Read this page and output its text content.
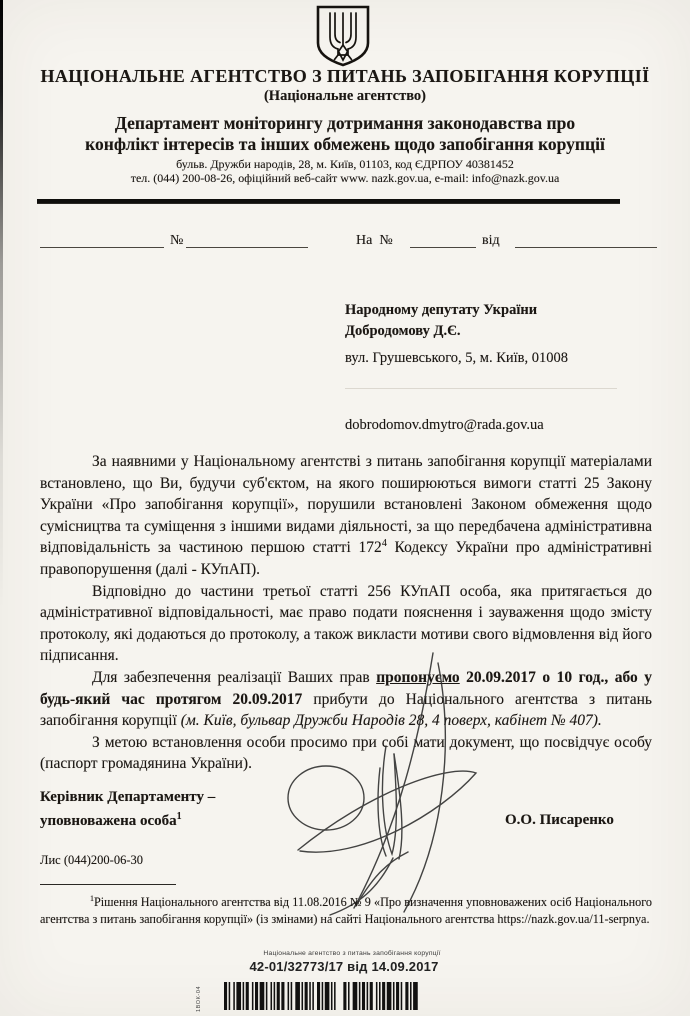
НАЦІОНАЛЬНЕ АГЕНТСТВО З ПИТАНЬ ЗАПОБІГАННЯ КОРУПЦІЇ
(Національне агентство)
Департамент моніторингу дотримання законодавства про
конфлікт інтересів та інших обмежень щодо запобігання корупції
бульв. Дружби народів, 28, м. Київ, 01103, код ЄДРПОУ 40381452
тел. (044) 200-08-26, офіційний веб-сайт www. nazk.gov.ua, e-mail: info@nazk.gov.ua
№	На  №	від
Народному депутату України
Добродомову Д.Є.
вул. Грушевського, 5, м. Київ, 01008
dobrodomov.dmytro@rada.gov.ua

За наявними у Національному агентстві з питань запобігання корупції матеріалами встановлено, що Ви, будучи суб'єктом, на якого поширюються вимоги статті 25 Закону України «Про запобігання корупції», порушили встановлені Законом обмеження щодо сумісництва та суміщення з іншими видами діяльності, за що передбачена адміністративна відповідальність за частиною першою статті $172^4$ Кодексу України про адміністративні правопорушення (далі - КУпАП).

Відповідно до частини третьої статті 256 КУпАП особа, яка притягається до адміністративної відповідальності, має право подати пояснення і зауваження щодо змісту протоколу, які додаються до протоколу, а також викласти мотиви свого відмовлення від його підписання.

Для забезпечення реалізації Ваших прав пропонуємо 20.09.2017 о 10 год., або у будь-який час протягом 20.09.2017 прибути до Національного агентства з питань запобігання корупції (м. Київ, бульвар Дружби Народів 28, 4 поверх, кабінет № 407).

З метою встановлення особи просимо при собі мати документ, що посвідчує особу (паспорт громадянина України).

Керівник Департаменту –
уповноважена особа$^1$	О.О. Писаренко
Лис (044)200-06-30
$^1$Рішення Національного агентства від 11.08.2016 № 9 «Про визначення уповноважених осіб Національного агентства з питань запобігання корупції» (із змінами) на сайті Національного агентства https://nazk.gov.ua/11-serpnya.
Національне агентство з питань запобігання корупції
42-01/32773/17 від 14.09.2017
1ВОК-04
